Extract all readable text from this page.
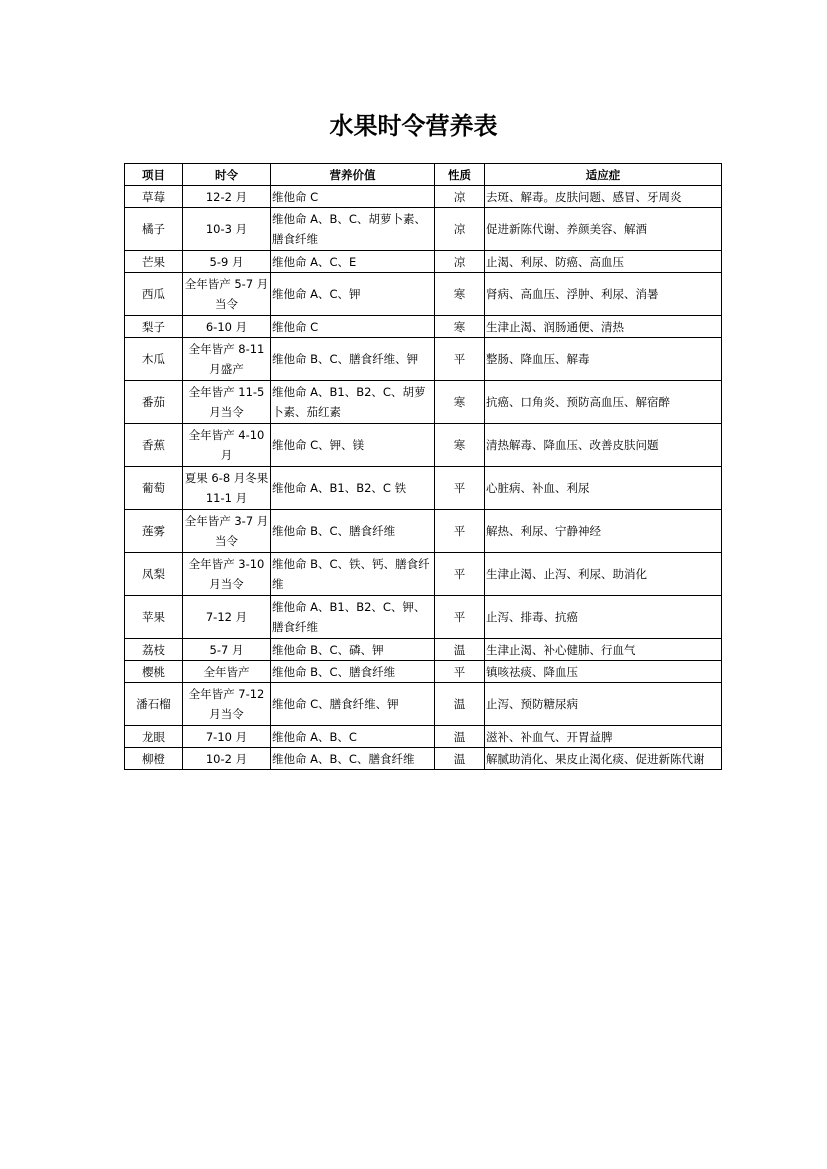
水果时令营养表
项目	时令	营养价值	性质	适应症
草莓	12-2 月	维他命 C	凉	去斑、解毒。皮肤问题、感冒、牙周炎
橘子	10-3 月	维他命 A、B、C、胡萝卜素、膳食纤维	凉	促进新陈代谢、养颜美容、解酒
芒果	5-9 月	维他命 A、C、E	凉	止渴、利尿、防癌、高血压
西瓜	全年皆产 5-7 月当令	维他命 A、C、钾	寒	肾病、高血压、浮肿、利尿、消暑
梨子	6-10 月	维他命 C	寒	生津止渴、润肠通便、清热
木瓜	全年皆产 8-11 月盛产	维他命 B、C、膳食纤维、钾	平	整肠、降血压、解毒
番茄	全年皆产 11-5 月当令	维他命 A、B1、B2、C、胡萝卜素、茄红素	寒	抗癌、口角炎、预防高血压、解宿醉
香蕉	全年皆产 4-10 月	维他命 C、钾、镁	寒	清热解毒、降血压、改善皮肤问题
葡萄	夏果 6-8 月冬果 11-1 月	维他命 A、B1、B2、C 铁	平	心脏病、补血、利尿
莲雾	全年皆产 3-7 月当令	维他命 B、C、膳食纤维	平	解热、利尿、宁静神经
凤梨	全年皆产 3-10 月当令	维他命 B、C、铁、钙、膳食纤维	平	生津止渴、止泻、利尿、助消化
苹果	7-12 月	维他命 A、B1、B2、C、钾、膳食纤维	平	止泻、排毒、抗癌
荔枝	5-7 月	维他命 B、C、磷、钾	温	生津止渴、补心健肺、行血气
樱桃	全年皆产	维他命 B、C、膳食纤维	平	镇咳祛痰、降血压
潘石榴	全年皆产 7-12 月当令	维他命 C、膳食纤维、钾	温	止泻、预防糖尿病
龙眼	7-10 月	维他命 A、B、C	温	滋补、补血气、开胃益脾
柳橙	10-2 月	维他命 A、B、C、膳食纤维	温	解腻助消化、果皮止渴化痰、促进新陈代谢
